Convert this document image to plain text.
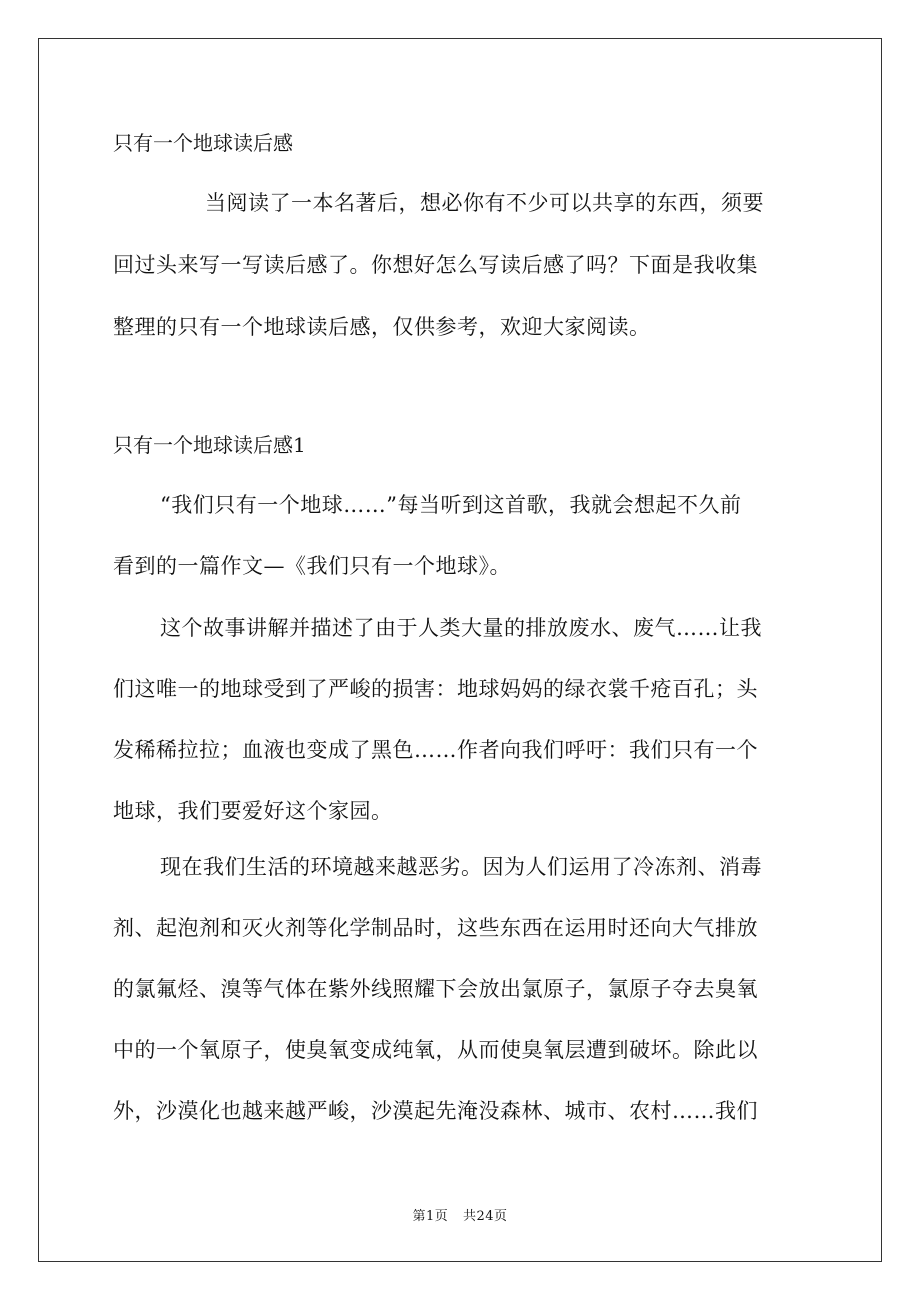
只有一个地球读后感
当阅读了一本名著后，想必你有不少可以共享的东西，须要
回过头来写一写读后感了。你想好怎么写读后感了吗？下面是我收集
整理的只有一个地球读后感，仅供参考，欢迎大家阅读。
只有一个地球读后感1
“我们只有一个地球……”每当听到这首歌，我就会想起不久前
看到的一篇作文—《我们只有一个地球》。
这个故事讲解并描述了由于人类大量的排放废水、废气……让我
们这唯一的地球受到了严峻的损害：地球妈妈的绿衣裳千疮百孔；头
发稀稀拉拉；血液也变成了黑色……作者向我们呼吁：我们只有一个
地球，我们要爱好这个家园。
现在我们生活的环境越来越恶劣。因为人们运用了冷冻剂、消毒
剂、起泡剂和灭火剂等化学制品时，这些东西在运用时还向大气排放
的氯氟烃、溴等气体在紫外线照耀下会放出氯原子，氯原子夺去臭氧
中的一个氧原子，使臭氧变成纯氧，从而使臭氧层遭到破坏。除此以
外，沙漠化也越来越严峻，沙漠起先淹没森林、城市、农村……我们
第1页 共24页
